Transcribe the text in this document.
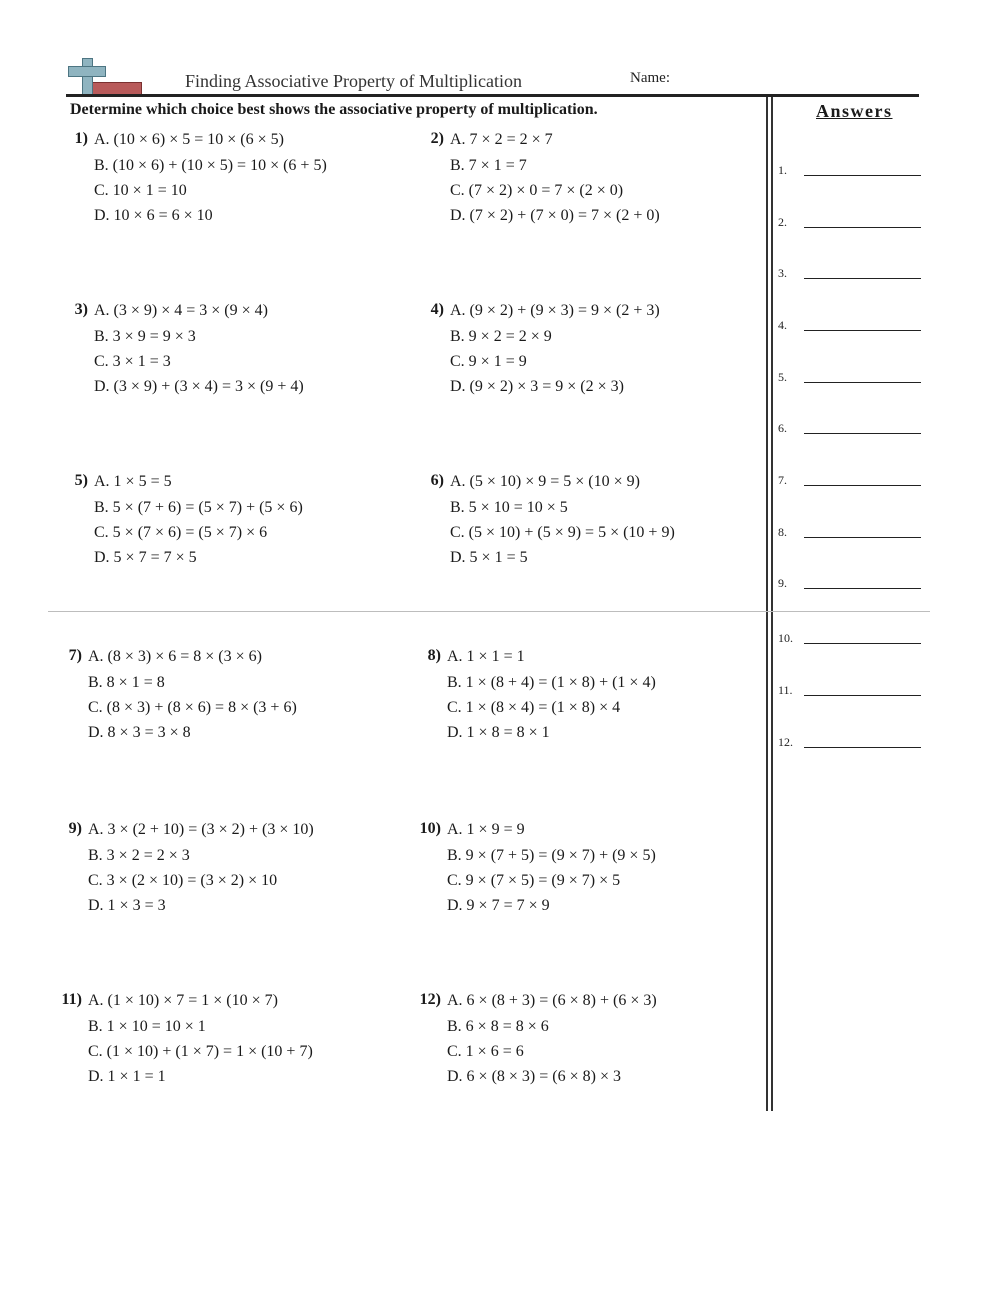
Finding Associative Property of Multiplication	Name:
Determine which choice best shows the associative property of multiplication.	Answers
1.
2.
3.
4.
5.
6.
7.
8.
9.
10.
11.
12.
1) A. (10 × 6) × 5 = 10 × (6 × 5)
B. (10 × 6) + (10 × 5) = 10 × (6 + 5)
C. 10 × 1 = 10
D. 10 × 6 = 6 × 10
2) A. 7 × 2 = 2 × 7
B. 7 × 1 = 7
C. (7 × 2) × 0 = 7 × (2 × 0)
D. (7 × 2) + (7 × 0) = 7 × (2 + 0)
3) A. (3 × 9) × 4 = 3 × (9 × 4)
B. 3 × 9 = 9 × 3
C. 3 × 1 = 3
D. (3 × 9) + (3 × 4) = 3 × (9 + 4)
4) A. (9 × 2) + (9 × 3) = 9 × (2 + 3)
B. 9 × 2 = 2 × 9
C. 9 × 1 = 9
D. (9 × 2) × 3 = 9 × (2 × 3)
5) A. 1 × 5 = 5
B. 5 × (7 + 6) = (5 × 7) + (5 × 6)
C. 5 × (7 × 6) = (5 × 7) × 6
D. 5 × 7 = 7 × 5
6) A. (5 × 10) × 9 = 5 × (10 × 9)
B. 5 × 10 = 10 × 5
C. (5 × 10) + (5 × 9) = 5 × (10 + 9)
D. 5 × 1 = 5
7) A. (8 × 3) × 6 = 8 × (3 × 6)
B. 8 × 1 = 8
C. (8 × 3) + (8 × 6) = 8 × (3 + 6)
D. 8 × 3 = 3 × 8
8) A. 1 × 1 = 1
B. 1 × (8 + 4) = (1 × 8) + (1 × 4)
C. 1 × (8 × 4) = (1 × 8) × 4
D. 1 × 8 = 8 × 1
9) A. 3 × (2 + 10) = (3 × 2) + (3 × 10)
B. 3 × 2 = 2 × 3
C. 3 × (2 × 10) = (3 × 2) × 10
D. 1 × 3 = 3
10) A. 1 × 9 = 9
B. 9 × (7 + 5) = (9 × 7) + (9 × 5)
C. 9 × (7 × 5) = (9 × 7) × 5
D. 9 × 7 = 7 × 9
11) A. (1 × 10) × 7 = 1 × (10 × 7)
B. 1 × 10 = 10 × 1
C. (1 × 10) + (1 × 7) = 1 × (10 + 7)
D. 1 × 1 = 1
12) A. 6 × (8 + 3) = (6 × 8) + (6 × 3)
B. 6 × 8 = 8 × 6
C. 1 × 6 = 6
D. 6 × (8 × 3) = (6 × 8) × 3
